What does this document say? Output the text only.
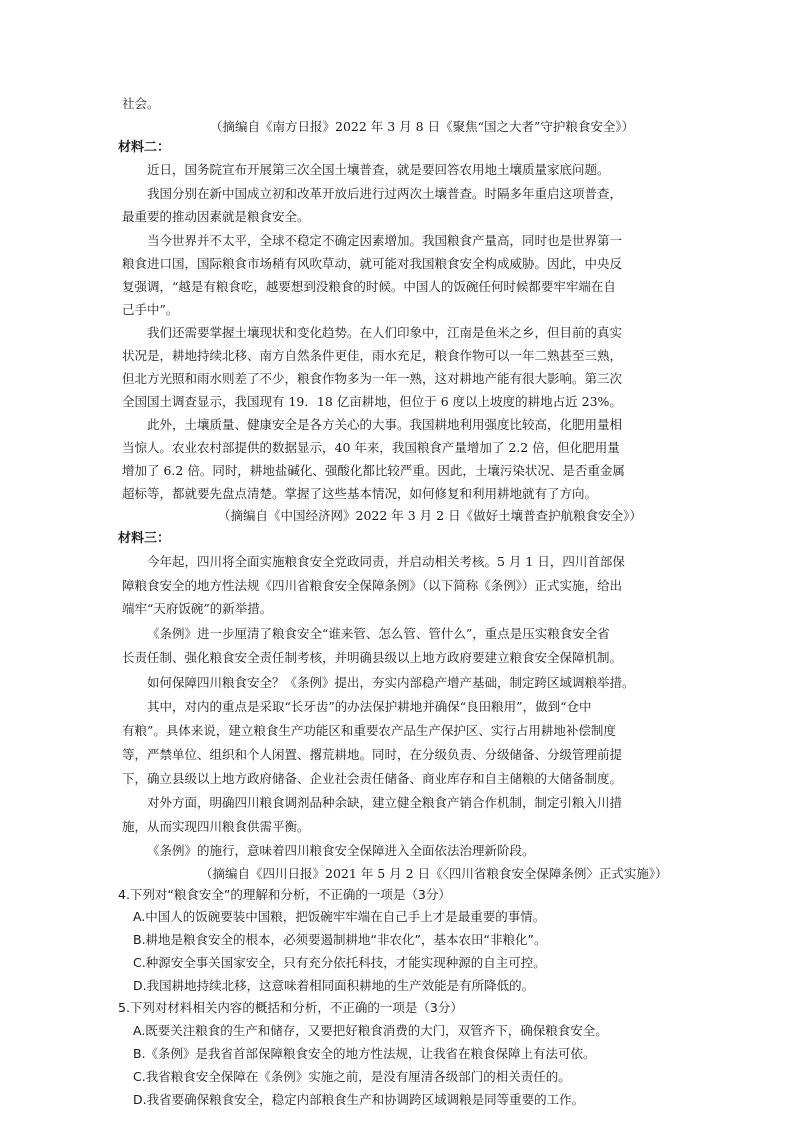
社会。
（摘编自《南方日报》2022 年 3 月 8 日《聚焦“国之大者”守护粮食安全》）
材料二：
近日，国务院宣布开展第三次全国土壤普查，就是要回答农用地土壤质量家底问题。
我国分别在新中国成立初和改革开放后进行过两次土壤普查。时隔多年重启这项普查，
最重要的推动因素就是粮食安全。
当今世界并不太平，全球不稳定不确定因素增加。我国粮食产量高，同时也是世界第一
粮食进口国，国际粮食市场稍有风吹草动，就可能对我国粮食安全构成威胁。因此，中央反
复强调，“越是有粮食吃，越要想到没粮食的时候。中国人的饭碗任何时候都要牢牢端在自
己手中”。
我们还需要掌握土壤现状和变化趋势。在人们印象中，江南是鱼米之乡，但目前的真实
状况是，耕地持续北移、南方自然条件更佳，雨水充足，粮食作物可以一年二熟甚至三熟，
但北方光照和雨水则差了不少，粮食作物多为一年一熟，这对耕地产能有很大影响。第三次
全国国土调查显示，我国现有 19．18 亿亩耕地，但位于 6 度以上坡度的耕地占近 23%。
此外，土壤质量、健康安全是各方关心的大事。我国耕地利用强度比较高，化肥用量相
当惊人。农业农村部提供的数据显示，40 年来，我国粮食产量增加了 2.2 倍，但化肥用量
增加了 6.2 倍。同时，耕地盐碱化、强酸化都比较严重。因此，土壤污染状况、是否重金属
超标等，都就要先盘点清楚。掌握了这些基本情况，如何修复和利用耕地就有了方向。
（摘编自《中国经济网》2022 年 3 月 2 日《做好土壤普查护航粮食安全》）
材料三：
今年起，四川将全面实施粮食安全党政同责，并启动相关考核。5 月 1 日，四川首部保
障粮食安全的地方性法规《四川省粮食安全保障条例》（以下简称《条例》）正式实施，给出
端牢“天府饭碗”的新举措。
《条例》进一步厘清了粮食安全“谁来管、怎么管、管什么”，重点是压实粮食安全省
长责任制、强化粮食安全责任制考核，并明确县级以上地方政府要建立粮食安全保障机制。
如何保障四川粮食安全？《条例》提出，夯实内部稳产增产基础，制定跨区域调粮举措。
其中，对内的重点是采取“长牙齿”的办法保护耕地并确保“良田粮用”，做到“仓中
有粮”。具体来说，建立粮食生产功能区和重要农产品生产保护区、实行占用耕地补偿制度
等，严禁单位、组织和个人闲置、撂荒耕地。同时，在分级负责、分级储备、分级管理前提
下，确立县级以上地方政府储备、企业社会责任储备、商业库存和自主储粮的大储备制度。
对外方面，明确四川粮食调剂品种余缺，建立健全粮食产销合作机制，制定引粮入川措
施，从而实现四川粮食供需平衡。
《条例》的施行，意味着四川粮食安全保障进入全面依法治理新阶段。
（摘编自《四川日报》2021 年 5 月 2 日《〈四川省粮食安全保障条例〉正式实施》）
4.下列对“粮食安全”的理解和分析，不正确的一项是（3分）
A.中国人的饭碗要装中国粮，把饭碗牢牢端在自己手上才是最重要的事情。
B.耕地是粮食安全的根本，必须要遏制耕地“非农化”，基本农田“非粮化”。
C.种源安全事关国家安全，只有充分依托科技，才能实现种源的自主可控。
D.我国耕地持续北移，这意味着相同面积耕地的生产效能是有所降低的。
5.下列对材料相关内容的概括和分析，不正确的一项是（3分）
A.既要关注粮食的生产和储存，又要把好粮食消费的大门，双管齐下，确保粮食安全。
B.《条例》是我省首部保障粮食安全的地方性法规，让我省在粮食保障上有法可依。
C.我省粮食安全保障在《条例》实施之前，是没有厘清各级部门的相关责任的。
D.我省要确保粮食安全，稳定内部粮食生产和协调跨区域调粮是同等重要的工作。
